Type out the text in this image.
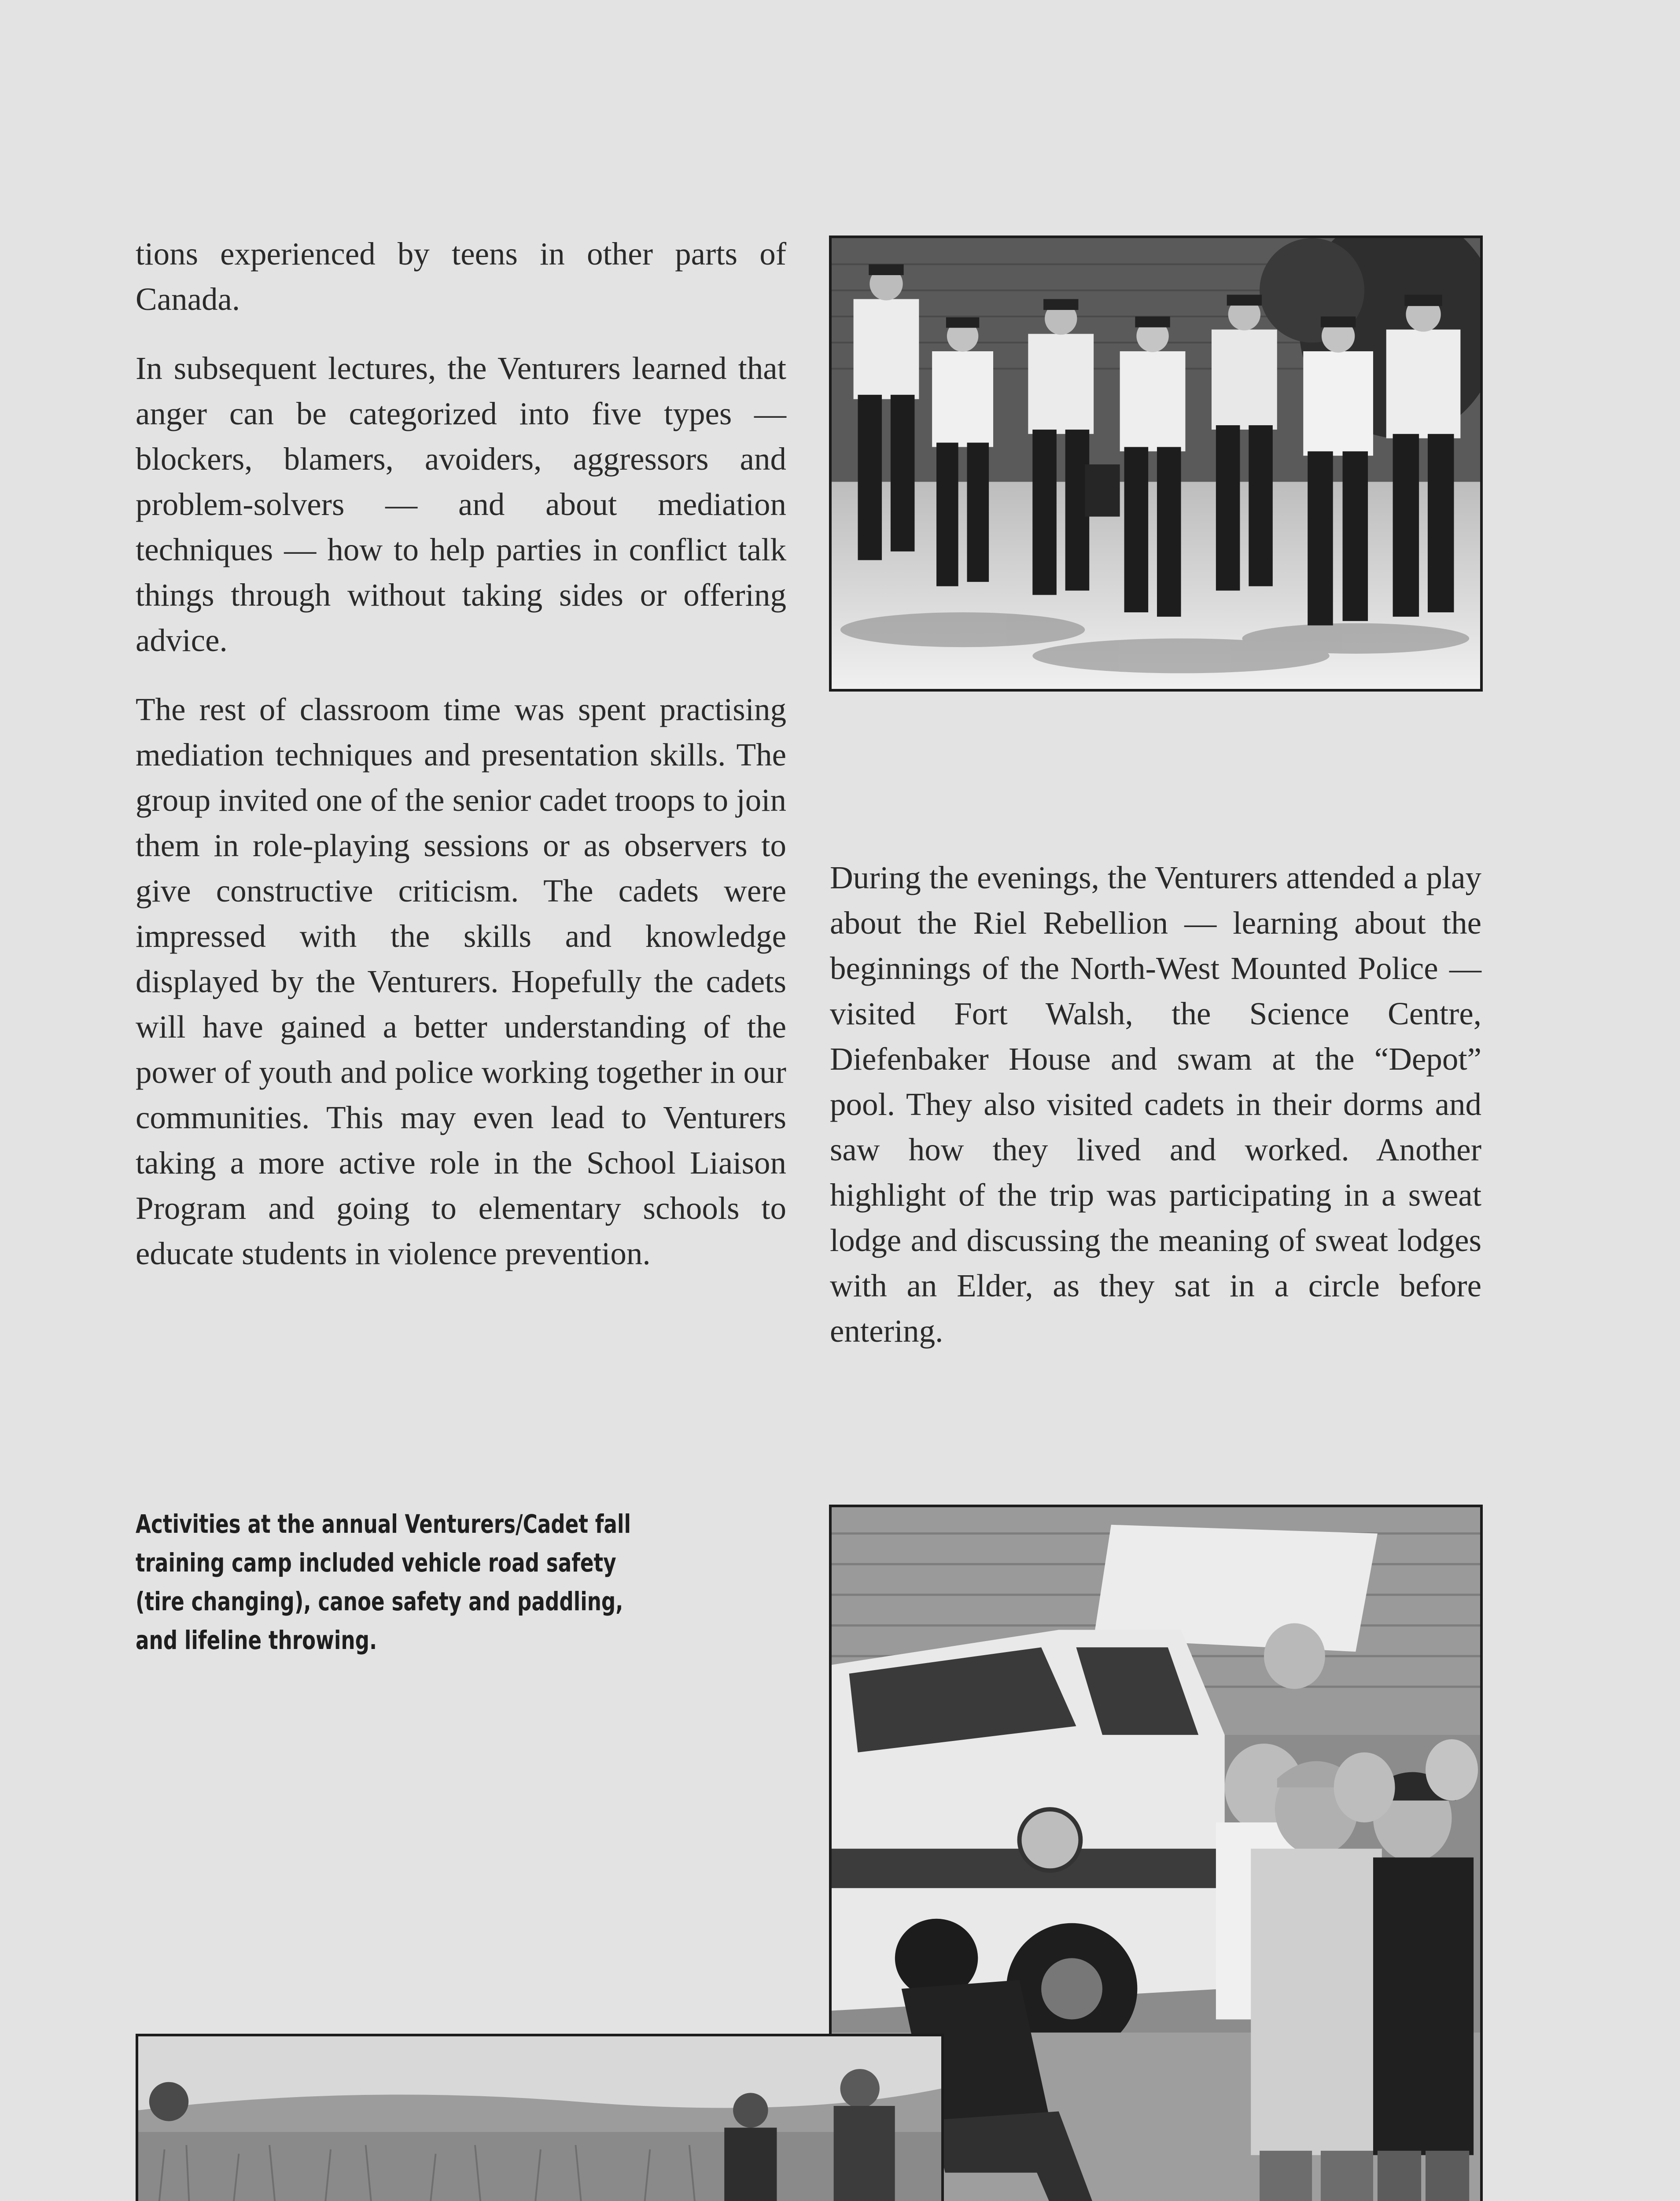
tions experienced by teens in other parts of Canada.

In subsequent lectures, the Venturers learned that anger can be categorized into five types — blockers, blamers, avoiders, aggressors and problem-solvers — and about mediation techniques — how to help parties in conflict talk things through without taking sides or offering advice.

The rest of classroom time was spent practising mediation techniques and presentation skills. The group invited one of the senior cadet troops to join them in role-playing sessions or as observers to give constructive criticism. The cadets were impressed with the skills and knowledge displayed by the Venturers. Hopefully the cadets will have gained a better understanding of the power of youth and police working together in our communities. This may even lead to Venturers taking a more active role in the School Liaison Program and going to elementary schools to educate students in violence prevention.

During the evenings, the Venturers attended a play about the Riel Rebellion — learning about the beginnings of the North-West Mounted Police — visited Fort Walsh, the Science Centre, Diefenbaker House and swam at the “Depot” pool. They also visited cadets in their dorms and saw how they lived and worked. Another highlight of the trip was participating in a sweat lodge and discussing the meaning of sweat lodges with an Elder, as they sat in a circle before entering.

Activities at the annual Venturers/Cadet fall training camp included vehicle road safety (tire changing), canoe safety and paddling, and lifeline throwing.
